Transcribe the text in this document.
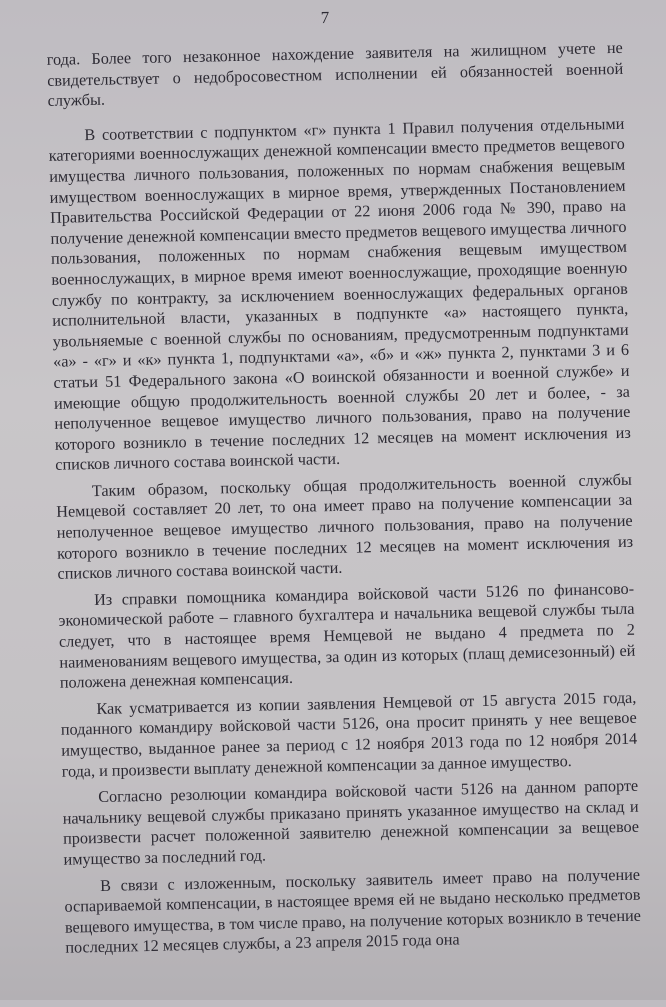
7

года. Более того незаконное нахождение заявителя на жилищном учете не свидетельствует о недобросовестном исполнении ей обязанностей военной службы.

В соответствии с подпунктом «г» пункта 1 Правил получения отдельными категориями военнослужащих денежной компенсации вместо предметов вещевого имущества личного пользования, положенных по нормам снабжения вещевым имуществом военнослужащих в мирное время, утвержденных Постановлением Правительства Российской Федерации от 22 июня 2006 года № 390, право на получение денежной компенсации вместо предметов вещевого имущества личного пользования, положенных по нормам снабжения вещевым имуществом военнослужащих, в мирное время имеют военнослужащие, проходящие военную службу по контракту, за исключением военнослужащих федеральных органов исполнительной власти, указанных в подпункте «а» настоящего пункта, увольняемые с военной службы по основаниям, предусмотренным подпунктами «а» - «г» и «к» пункта 1, подпунктами «а», «б» и «ж» пункта 2, пунктами 3 и 6 статьи 51 Федерального закона «О воинской обязанности и военной службе» и имеющие общую продолжительность военной службы 20 лет и более, - за неполученное вещевое имущество личного пользования, право на получение которого возникло в течение последних 12 месяцев на момент исключения из списков личного состава воинской части.

Таким образом, поскольку общая продолжительность военной службы Немцевой составляет 20 лет, то она имеет право на получение компенсации за неполученное вещевое имущество личного пользования, право на получение которого возникло в течение последних 12 месяцев на момент исключения из списков личного состава воинской части.

Из справки помощника командира войсковой части 5126 по финансово-экономической работе – главного бухгалтера и начальника вещевой службы тыла следует, что в настоящее время Немцевой не выдано 4 предмета по 2 наименованиям вещевого имущества, за один из которых (плащ демисезонный) ей положена денежная компенсация.

Как усматривается из копии заявления Немцевой от 15 августа 2015 года, поданного командиру войсковой части 5126, она просит принять у нее вещевое имущество, выданное ранее за период с 12 ноября 2013 года по 12 ноября 2014 года, и произвести выплату денежной компенсации за данное имущество.

Согласно резолюции командира войсковой части 5126 на данном рапорте начальнику вещевой службы приказано принять указанное имущество на склад и произвести расчет положенной заявителю денежной компенсации за вещевое имущество за последний год.

В связи с изложенным, поскольку заявитель имеет право на получение оспариваемой компенсации, в настоящее время ей не выдано несколько предметов вещевого имущества, в том числе право, на получение которых возникло в течение последних 12 месяцев службы, а 23 апреля 2015 года она
